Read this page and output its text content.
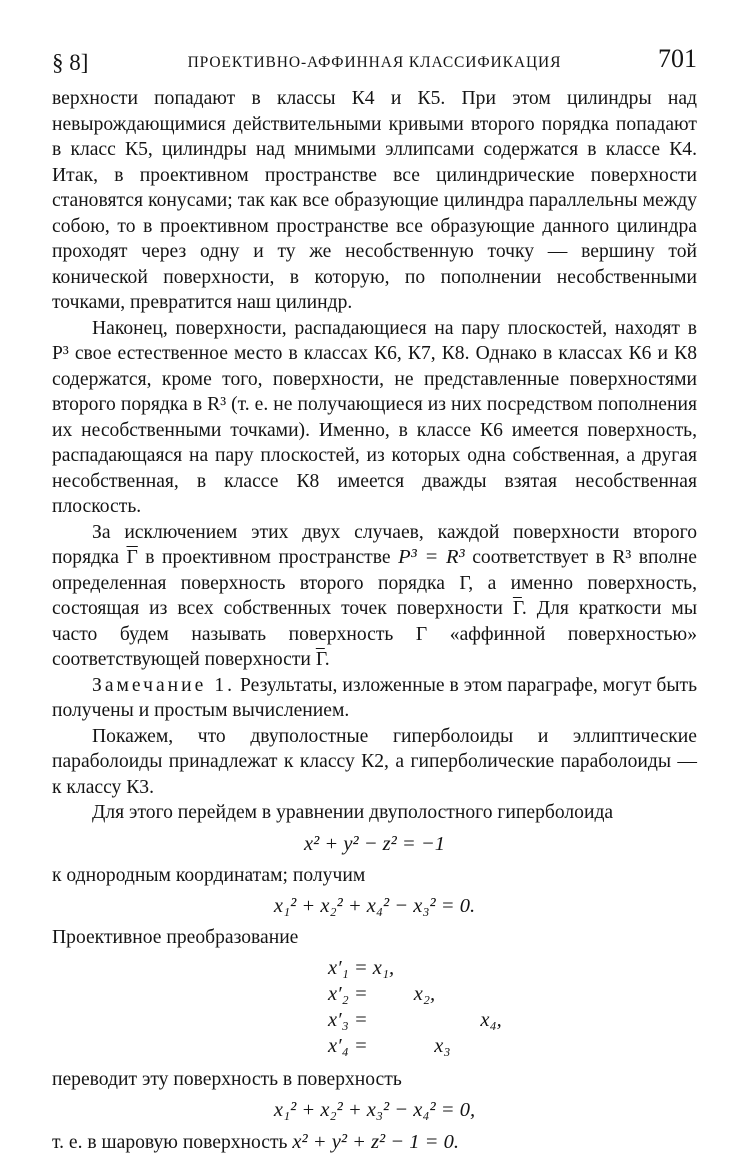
§ 8]	ПРОЕКТИВНО-АФФИННАЯ КЛАССИФИКАЦИЯ	701

верхности попадают в классы К4 и К5. При этом цилиндры над невырождающимися действительными кривыми второго порядка попадают в класс К5, цилиндры над мнимыми эллипсами содержатся в классе К4. Итак, в проективном пространстве все цилиндрические поверхности становятся конусами; так как все образующие цилиндра параллельны между собою, то в проективном пространстве все образующие данного цилиндра проходят через одну и ту же несобственную точку — вершину той конической поверхности, в которую, по пополнении несобственными точками, превратится наш цилиндр.

Наконец, поверхности, распадающиеся на пару плоскостей, находят в P³ свое естественное место в классах К6, К7, К8. Однако в классах К6 и К8 содержатся, кроме того, поверхности, не представленные поверхностями второго порядка в R³ (т. е. не получающиеся из них посредством пополнения их несобственными точками). Именно, в классе К6 имеется поверхность, распадающаяся на пару плоскостей, из которых одна собственная, а другая несобственная, в классе К8 имеется дважды взятая несобственная плоскость.

За исключением этих двух случаев, каждой поверхности второго порядка $\overline{\Gamma}$ в проективном пространстве P³ = R³ соответствует в R³ вполне определенная поверхность второго порядка Γ, а именно поверхность, состоящая из всех собственных точек поверхности $\overline{\Gamma}$. Для краткости мы часто будем называть поверхность Γ «аффинной поверхностью» соответствующей поверхности $\overline{\Gamma}$.

Замечание 1. Результаты, изложенные в этом параграфе, могут быть получены и простым вычислением.

Покажем, что двуполостные гиперболоиды и эллиптические параболоиды принадлежат к классу К2, а гиперболические параболоиды — к классу К3.

Для этого перейдем в уравнении двуполостного гиперболоида

x² + y² − z² = −1

к однородным координатам; получим

x₁² + x₂² + x₄² − x₃² = 0.

Проективное преобразование

x′₁ = x₁,
x′₂ =         x₂,
x′₃ =                      x₄,
x′₄ =             x₃

переводит эту поверхность в поверхность

x₁² + x₂² + x₃² − x₄² = 0,
т. е. в шаровую поверхность x² + y² + z² − 1 = 0.
